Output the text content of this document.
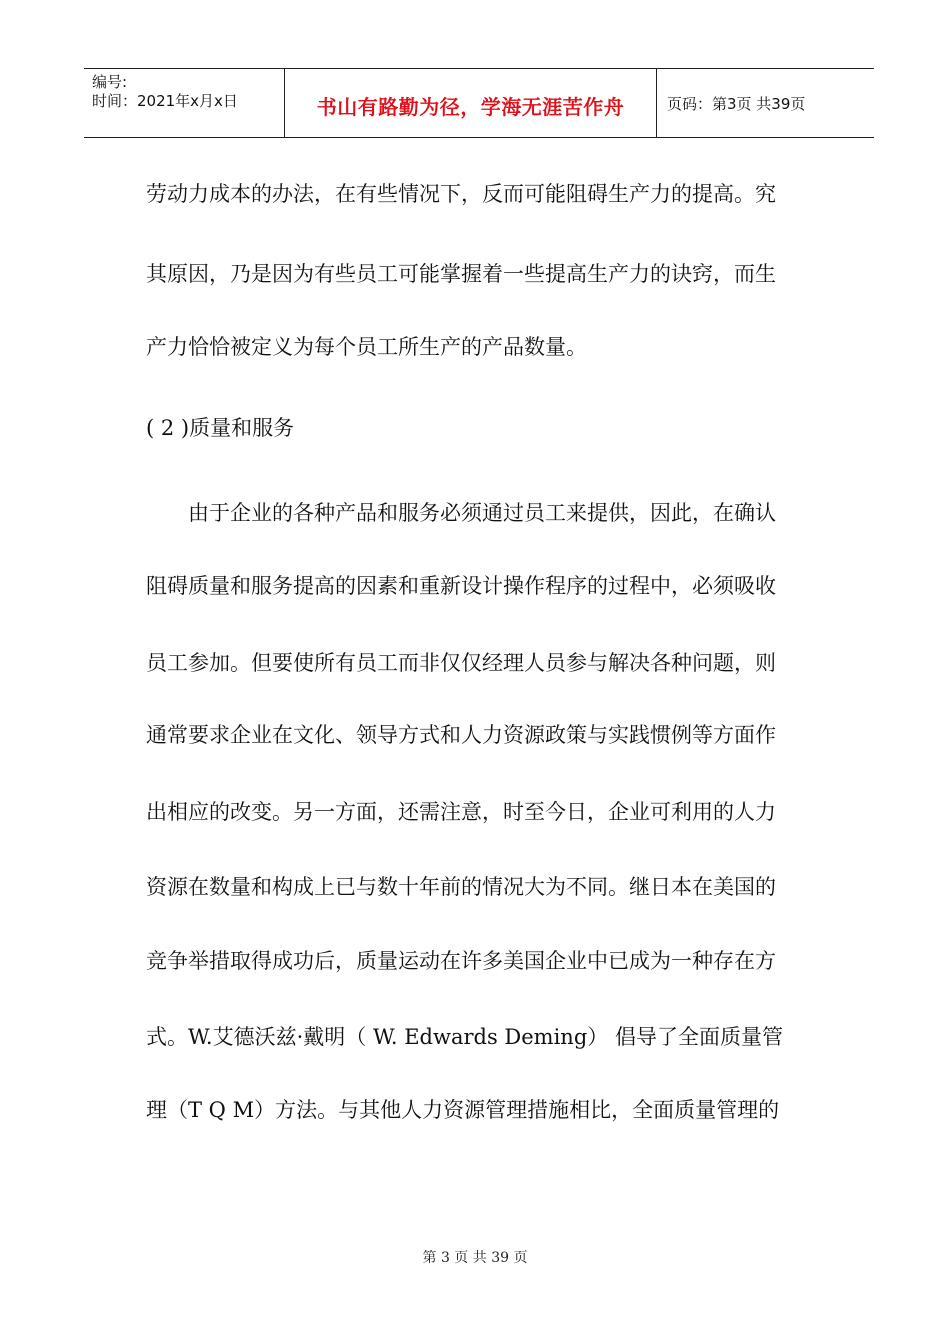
编号:
时间：2021年x月x日	书山有路勤为径，学海无涯苦作舟	页码：第3页 共39页
劳动力成本的办法，在有些情况下，反而可能阻碍生产力的提高。究
其原因，乃是因为有些员工可能掌握着一些提高生产力的诀窍，而生
产力恰恰被定义为每个员工所生产的产品数量。
( 2 )质量和服务
　　由于企业的各种产品和服务必须通过员工来提供，因此，在确认
阻碍质量和服务提高的因素和重新设计操作程序的过程中，必须吸收
员工参加。但要使所有员工而非仅仅经理人员参与解决各种问题，则
通常要求企业在文化、领导方式和人力资源政策与实践惯例等方面作
出相应的改变。另一方面，还需注意，时至今日，企业可利用的人力
资源在数量和构成上已与数十年前的情况大为不同。继日本在美国的
竞争举措取得成功后，质量运动在许多美国企业中已成为一种存在方
式。W.艾德沃兹·戴明（ W. Edwards Deming） 倡导了全面质量管
理（T Q M）方法。与其他人力资源管理措施相比，全面质量管理的
第 3 页 共 39 页
